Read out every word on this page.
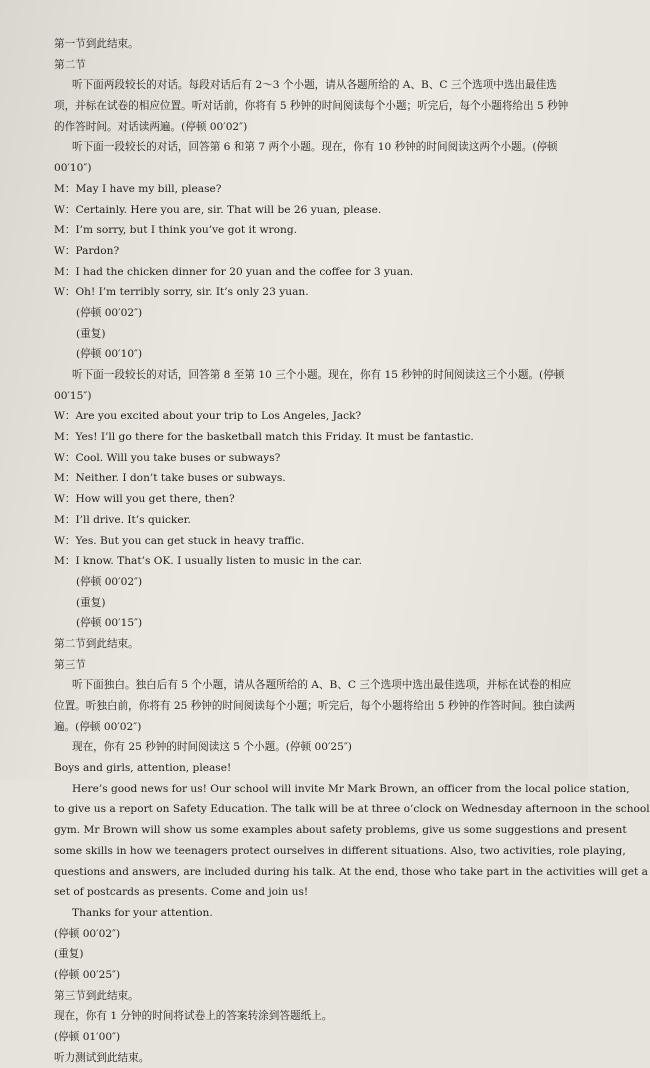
第一节到此结束。
第二节
听下面两段较长的对话。每段对话后有 2～3 个小题，请从各题所给的 A、B、C 三个选项中选出最佳选
项，并标在试卷的相应位置。听对话前，你将有 5 秒钟的时间阅读每个小题；听完后，每个小题将给出 5 秒钟
的作答时间。对话读两遍。(停顿 00′02″)
听下面一段较长的对话，回答第 6 和第 7 两个小题。现在，你有 10 秒钟的时间阅读这两个小题。(停顿
00′10″)
M：May I have my bill, please?
W：Certainly. Here you are, sir. That will be 26 yuan, please.
M：I’m sorry, but I think you’ve got it wrong.
W：Pardon?
M：I had the chicken dinner for 20 yuan and the coffee for 3 yuan.
W：Oh! I’m terribly sorry, sir. It’s only 23 yuan.
(停顿 00′02″)
(重复)
(停顿 00′10″)
听下面一段较长的对话，回答第 8 至第 10 三个小题。现在，你有 15 秒钟的时间阅读这三个小题。(停顿
00′15″)
W：Are you excited about your trip to Los Angeles, Jack?
M：Yes! I’ll go there for the basketball match this Friday. It must be fantastic.
W：Cool. Will you take buses or subways?
M：Neither. I don’t take buses or subways.
W：How will you get there, then?
M：I’ll drive. It’s quicker.
W：Yes. But you can get stuck in heavy traffic.
M：I know. That’s OK. I usually listen to music in the car.
(停顿 00′02″)
(重复)
(停顿 00′15″)
第二节到此结束。
第三节
听下面独白。独白后有 5 个小题，请从各题所给的 A、B、C 三个选项中选出最佳选项，并标在试卷的相应
位置。听独白前，你将有 25 秒钟的时间阅读每个小题；听完后，每个小题将给出 5 秒钟的作答时间。独白读两
遍。(停顿 00′02″)
现在，你有 25 秒钟的时间阅读这 5 个小题。(停顿 00′25″)
Boys and girls, attention, please!
Here’s good news for us! Our school will invite Mr Mark Brown, an officer from the local police station,
to give us a report on Safety Education. The talk will be at three o’clock on Wednesday afternoon in the school
gym. Mr Brown will show us some examples about safety problems, give us some suggestions and present
some skills in how we teenagers protect ourselves in different situations. Also, two activities, role playing,
questions and answers, are included during his talk. At the end, those who take part in the activities will get a
set of postcards as presents. Come and join us!
Thanks for your attention.
(停顿 00′02″)
(重复)
(停顿 00′25″)
第三节到此结束。
现在，你有 1 分钟的时间将试卷上的答案转涂到答题纸上。
(停顿 01′00″)
听力测试到此结束。
